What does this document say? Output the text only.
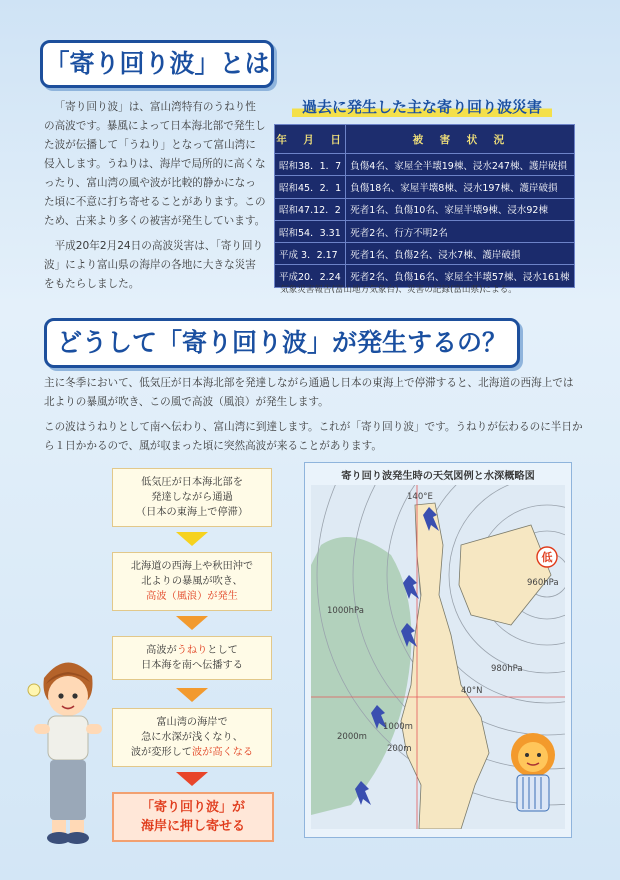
「寄り回り波」とは

「寄り回り波」は、富山湾特有のうねり性の高波です。暴風によって日本海北部で発生した波が伝播して「うねり」となって富山湾に侵入します。うねりは、海岸で局所的に高くなったり、富山湾の風や波が比較的静かになった頃に不意に打ち寄せることがあります。このため、古来より多くの被害が発生しています。

平成20年2月24日の高波災害は、「寄り回り波」により富山県の海岸の各地に大きな災害をもたらしました。

過去に発生した主な寄り回り波災害
年　月　日	被　害　状　況
昭和38．1．7	負傷4名、家屋全半壊19棟、浸水247棟、護岸破損
昭和45．2．1	負傷18名、家屋半壊8棟、浸水197棟、護岸破損
昭和47.12．2	死者1名、負傷10名、家屋半壊9棟、浸水92棟
昭和54．3.31	死者2名、行方不明2名
平成 3．2.17	死者1名、負傷2名、浸水7棟、護岸破損
平成20．2.24	死者2名、負傷16名、家屋全半壊57棟、浸水161棟
気象災害報告(富山地方気象台)、災害の記録(富山県)による。
どうして「寄り回り波」が発生するの？

主に冬季において、低気圧が日本海北部を発達しながら通過し日本の東海上で停滞すると、北海道の西海上では北よりの暴風が吹き、この風で高波（風浪）が発生します。

この波はうねりとして南へ伝わり、富山湾に到達します。これが「寄り回り波」です。うねりが伝わるのに半日から１日かかるので、風が収まった頃に突然高波が来ることがあります。

低気圧が日本海北部を
発達しながら通過
（日本の東海上で停滞）
北海道の西海上や秋田沖で
北よりの暴風が吹き、
高波（風浪）が発生
高波がうねりとして
日本海を南へ伝播する
富山湾の海岸で
急に水深が浅くなり、
波が変形して波が高くなる
「寄り回り波」が
海岸に押し寄せる
寄り回り波発生時の天気図例と水深概略図
低
960hPa
980hPa
1000hPa
140°E
40°N
1000m
2000m
200m
